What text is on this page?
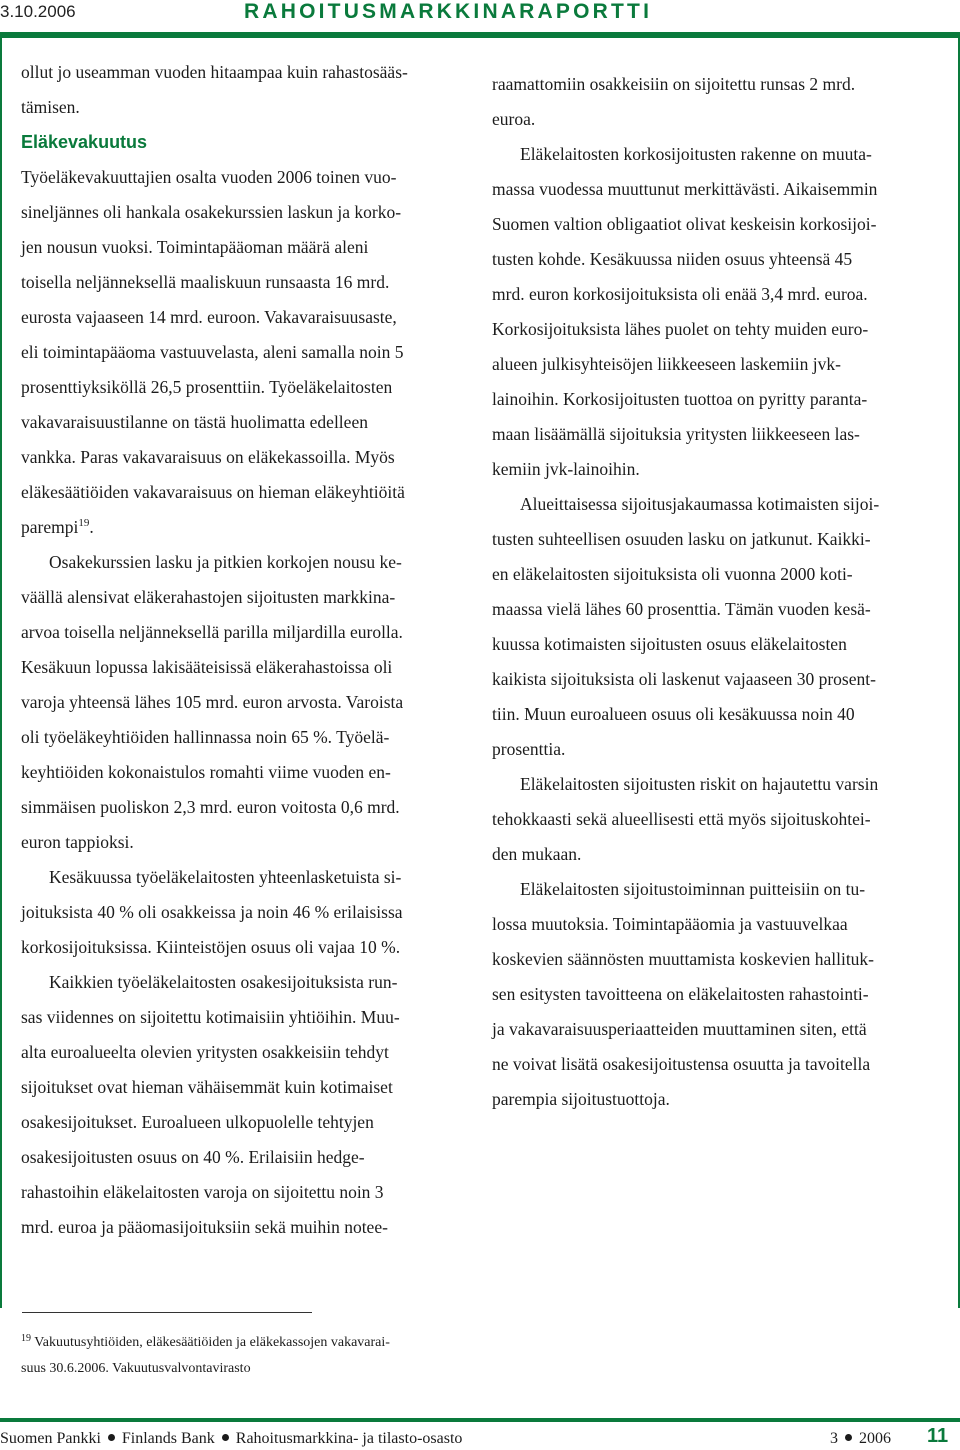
3.10.2006	RAHOITUSMARKKINARAPORTTI
ollut jo useamman vuoden hitaampaa kuin rahastosääs-
tämisen.
Eläkevakuutus
Työeläkevakuuttajien osalta vuoden 2006 toinen vuo-
sineljännes oli hankala osakekurssien laskun ja korko-
jen nousun vuoksi. Toimintapääoman määrä aleni
toisella neljänneksellä maaliskuun runsaasta 16 mrd.
eurosta vajaaseen 14 mrd. euroon. Vakavaraisuusaste,
eli toimintapääoma vastuuvelasta, aleni samalla noin 5
prosenttiyksiköllä 26,5 prosenttiin. Työeläkelaitosten
vakavaraisuustilanne on tästä huolimatta edelleen
vankka. Paras vakavaraisuus on eläkekassoilla. Myös
eläkesäätiöiden vakavaraisuus on hieman eläkeyhtiöitä
parempi$^{19}$.
Osakekurssien lasku ja pitkien korkojen nousu ke-
väällä alensivat eläkerahastojen sijoitusten markkina-
arvoa toisella neljänneksellä parilla miljardilla eurolla.
Kesäkuun lopussa lakisääteisissä eläkerahastoissa oli
varoja yhteensä lähes 105 mrd. euron arvosta. Varoista
oli työeläkeyhtiöiden hallinnassa noin 65 %. Työelä-
keyhtiöiden kokonaistulos romahti viime vuoden en-
simmäisen puoliskon 2,3 mrd. euron voitosta 0,6 mrd.
euron tappioksi.
Kesäkuussa työeläkelaitosten yhteenlasketuista si-
joituksista 40 % oli osakkeissa ja noin 46 % erilaisissa
korkosijoituksissa. Kiinteistöjen osuus oli vajaa 10 %.
Kaikkien työeläkelaitosten osakesijoituksista run-
sas viidennes on sijoitettu kotimaisiin yhtiöihin. Muu-
alta euroalueelta olevien yritysten osakkeisiin tehdyt
sijoitukset ovat hieman vähäisemmät kuin kotimaiset
osakesijoitukset. Euroalueen ulkopuolelle tehtyjen
osakesijoitusten osuus on 40 %. Erilaisiin hedge-
rahastoihin eläkelaitosten varoja on sijoitettu noin 3
mrd. euroa ja pääomasijoituksiin sekä muihin notee-
raamattomiin osakkeisiin on sijoitettu runsas 2 mrd.
euroa.
Eläkelaitosten korkosijoitusten rakenne on muuta-
massa vuodessa muuttunut merkittävästi. Aikaisemmin
Suomen valtion obligaatiot olivat keskeisin korkosijoi-
tusten kohde. Kesäkuussa niiden osuus yhteensä 45
mrd. euron korkosijoituksista oli enää 3,4 mrd. euroa.
Korkosijoituksista lähes puolet on tehty muiden euro-
alueen julkisyhteisöjen liikkeeseen laskemiin jvk-
lainoihin. Korkosijoitusten tuottoa on pyritty paranta-
maan lisäämällä sijoituksia yritysten liikkeeseen las-
kemiin jvk-lainoihin.
Alueittaisessa sijoitusjakaumassa kotimaisten sijoi-
tusten suhteellisen osuuden lasku on jatkunut. Kaikki-
en eläkelaitosten sijoituksista oli vuonna 2000 koti-
maassa vielä lähes 60 prosenttia. Tämän vuoden kesä-
kuussa kotimaisten sijoitusten osuus eläkelaitosten
kaikista sijoituksista oli laskenut vajaaseen 30 prosent-
tiin. Muun euroalueen osuus oli kesäkuussa noin 40
prosenttia.
Eläkelaitosten sijoitusten riskit on hajautettu varsin
tehokkaasti sekä alueellisesti että myös sijoituskohtei-
den mukaan.
Eläkelaitosten sijoitustoiminnan puitteisiin on tu-
lossa muutoksia. Toimintapääomia ja vastuuvelkaa
koskevien säännösten muuttamista koskevien hallituk-
sen esitysten tavoitteena on eläkelaitosten rahastointi-
ja vakavaraisuusperiaatteiden muuttaminen siten, että
ne voivat lisätä osakesijoitustensa osuutta ja tavoitella
parempia sijoitustuottoja.
$^{19}$ Vakuutusyhtiöiden, eläkesäätiöiden ja eläkekassojen vakavarai-
suus 30.6.2006. Vakuutusvalvontavirasto
Suomen Pankki Finlands Bank Rahoitusmarkkina- ja tilasto-osasto	3 2006 11
